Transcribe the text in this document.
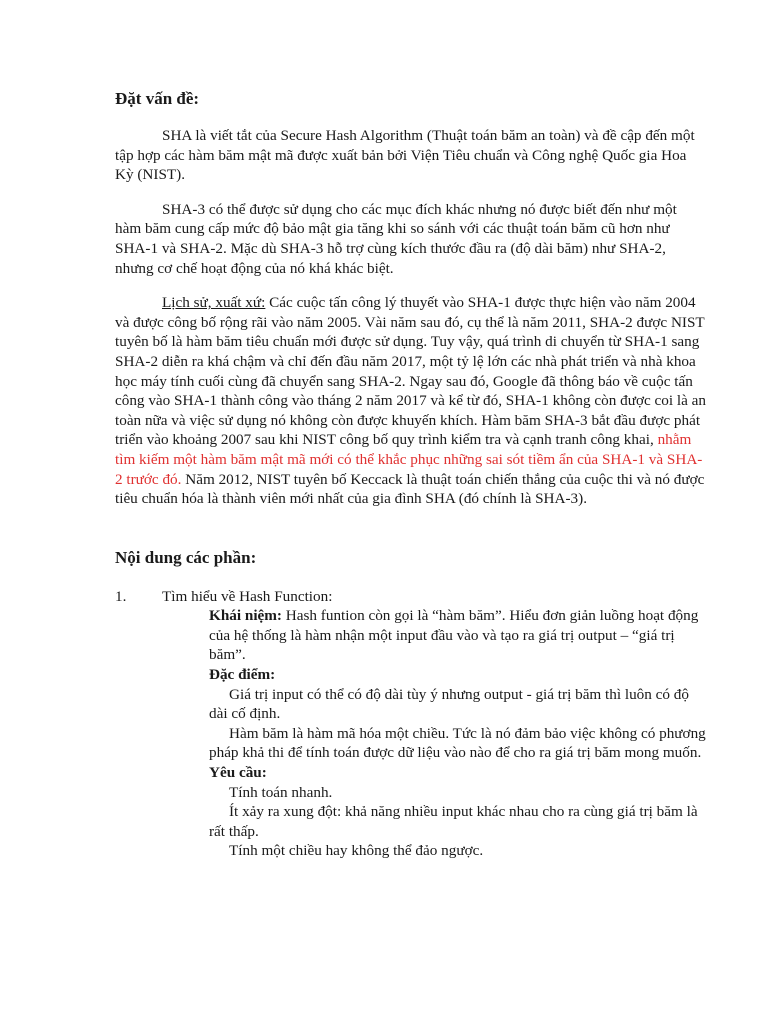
Đặt vấn đề:

SHA là viết tắt của Secure Hash Algorithm (Thuật toán băm an toàn) và đề cập đến một tập hợp các hàm băm mật mã được xuất bản bởi Viện Tiêu chuẩn và Công nghệ Quốc gia Hoa Kỳ (NIST).

SHA-3 có thể được sử dụng cho các mục đích khác nhưng nó được biết đến như một hàm băm cung cấp mức độ bảo mật gia tăng khi so sánh với các thuật toán băm cũ hơn như SHA-1 và SHA-2. Mặc dù SHA-3 hỗ trợ cùng kích thước đầu ra (độ dài băm) như SHA-2, nhưng cơ chế hoạt động của nó khá khác biệt.

Lịch sử, xuất xứ: Các cuộc tấn công lý thuyết vào SHA-1 được thực hiện vào năm 2004 và được công bố rộng rãi vào năm 2005. Vài năm sau đó, cụ thể là năm 2011, SHA-2 được NIST tuyên bố là hàm băm tiêu chuẩn mới được sử dụng. Tuy vậy, quá trình di chuyển từ SHA-1 sang SHA-2 diễn ra khá chậm và chỉ đến đầu năm 2017, một tỷ lệ lớn các nhà phát triển và nhà khoa học máy tính cuối cùng đã chuyển sang SHA-2. Ngay sau đó, Google đã thông báo về cuộc tấn công vào SHA-1 thành công vào tháng 2 năm 2017 và kể từ đó, SHA-1 không còn được coi là an toàn nữa và việc sử dụng nó không còn được khuyến khích. Hàm băm SHA-3 bắt đầu được phát triển vào khoảng 2007 sau khi NIST công bố quy trình kiểm tra và cạnh tranh công khai, nhằm tìm kiếm một hàm băm mật mã mới có thể khắc phục những sai sót tiềm ẩn của SHA-1 và SHA-2 trước đó. Năm 2012, NIST tuyên bố Keccack là thuật toán chiến thắng của cuộc thi và nó được tiêu chuẩn hóa là thành viên mới nhất của gia đình SHA (đó chính là SHA-3).

Nội dung các phần:
1.	Tìm hiểu về Hash Function:

Khái niệm: Hash funtion còn gọi là “hàm băm”. Hiểu đơn giản luồng hoạt động của hệ thống là hàm nhận một input đầu vào và tạo ra giá trị output – “giá trị băm”.

Đặc điểm:

Giá trị input có thể có độ dài tùy ý nhưng output - giá trị băm thì luôn có độ dài cố định.

Hàm băm là hàm mã hóa một chiều. Tức là nó đảm bảo việc không có phương pháp khả thi để tính toán được dữ liệu vào nào để cho ra giá trị băm mong muốn.

Yêu cầu:

Tính toán nhanh.

Ít xảy ra xung đột: khả năng nhiều input khác nhau cho ra cùng giá trị băm là rất thấp.

Tính một chiều hay không thể đảo ngược.
